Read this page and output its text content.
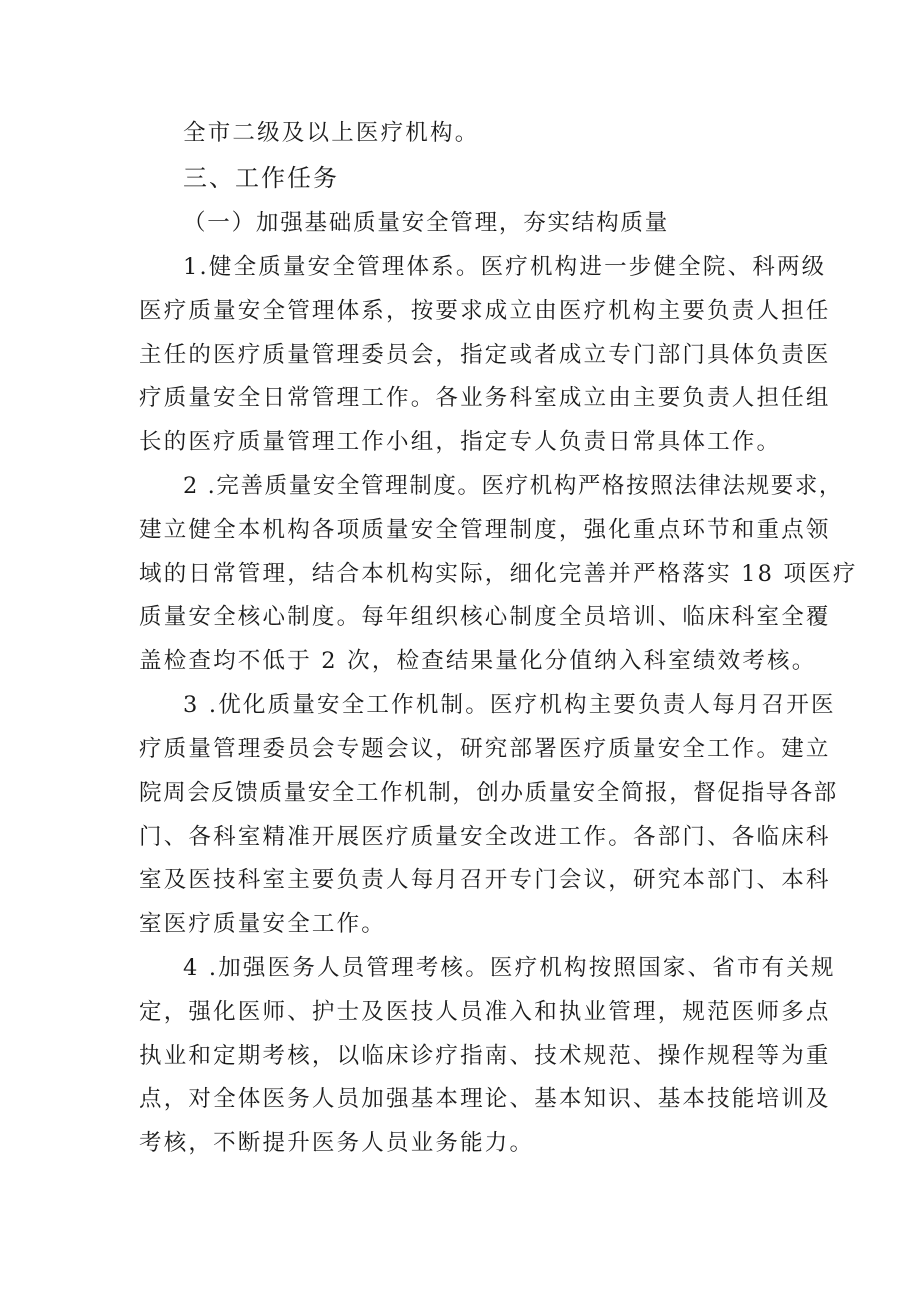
全市二级及以上医疗机构。
三、工作任务
（一）加强基础质量安全管理，夯实结构质量
1.健全质量安全管理体系。医疗机构进一步健全院、科两级
医疗质量安全管理体系，按要求成立由医疗机构主要负责人担任
主任的医疗质量管理委员会，指定或者成立专门部门具体负责医
疗质量安全日常管理工作。各业务科室成立由主要负责人担任组
长的医疗质量管理工作小组，指定专人负责日常具体工作。
2 .完善质量安全管理制度。医疗机构严格按照法律法规要求，
建立健全本机构各项质量安全管理制度，强化重点环节和重点领
域的日常管理，结合本机构实际，细化完善并严格落实 18 项医疗
质量安全核心制度。每年组织核心制度全员培训、临床科室全覆
盖检查均不低于 2 次，检查结果量化分值纳入科室绩效考核。
3 .优化质量安全工作机制。医疗机构主要负责人每月召开医
疗质量管理委员会专题会议，研究部署医疗质量安全工作。建立
院周会反馈质量安全工作机制，创办质量安全简报，督促指导各部
门、各科室精准开展医疗质量安全改进工作。各部门、各临床科
室及医技科室主要负责人每月召开专门会议，研究本部门、本科
室医疗质量安全工作。
4 .加强医务人员管理考核。医疗机构按照国家、省市有关规
定，强化医师、护士及医技人员准入和执业管理，规范医师多点
执业和定期考核，以临床诊疗指南、技术规范、操作规程等为重
点，对全体医务人员加强基本理论、基本知识、基本技能培训及
考核，不断提升医务人员业务能力。
